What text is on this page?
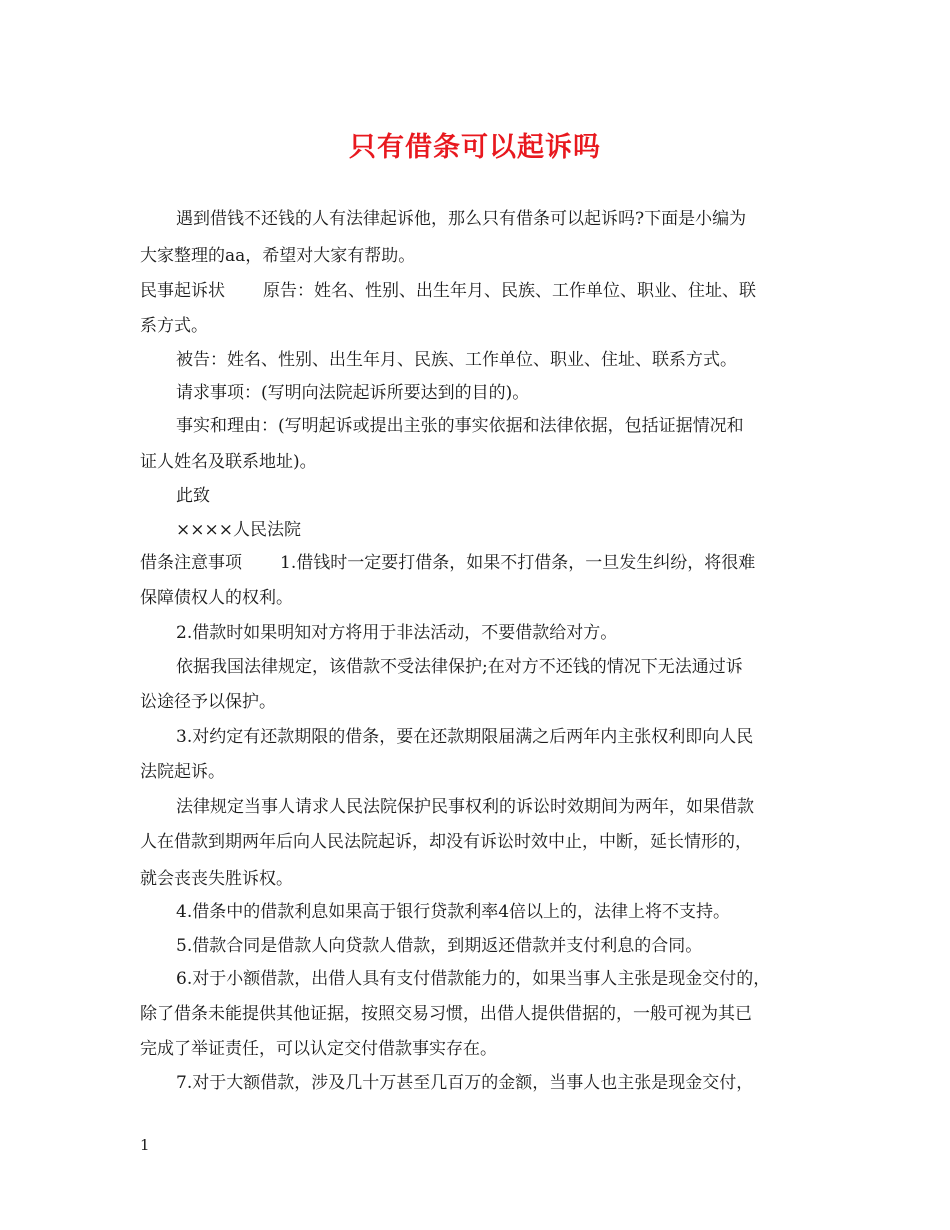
只有借条可以起诉吗
遇到借钱不还钱的人有法律起诉他，那么只有借条可以起诉吗?下面是小编为
大家整理的aa，希望对大家有帮助。
民事起诉状 原告：姓名、性别、出生年月、民族、工作单位、职业、住址、联
系方式。
被告：姓名、性别、出生年月、民族、工作单位、职业、住址、联系方式。
请求事项：(写明向法院起诉所要达到的目的)。
事实和理由：(写明起诉或提出主张的事实依据和法律依据，包括证据情况和
证人姓名及联系地址)。
此致
××××人民法院
借条注意事项 1.借钱时一定要打借条，如果不打借条，一旦发生纠纷，将很难
保障债权人的权利。
2.借款时如果明知对方将用于非法活动，不要借款给对方。
依据我国法律规定，该借款不受法律保护;在对方不还钱的情况下无法通过诉
讼途径予以保护。
3.对约定有还款期限的借条，要在还款期限届满之后两年内主张权利即向人民
法院起诉。
法律规定当事人请求人民法院保护民事权利的诉讼时效期间为两年，如果借款
人在借款到期两年后向人民法院起诉，却没有诉讼时效中止，中断，延长情形的，
就会丧丧失胜诉权。
4.借条中的借款利息如果高于银行贷款利率4倍以上的，法律上将不支持。
5.借款合同是借款人向贷款人借款，到期返还借款并支付利息的合同。
6.对于小额借款，出借人具有支付借款能力的，如果当事人主张是现金交付的，
除了借条未能提供其他证据，按照交易习惯，出借人提供借据的，一般可视为其已
完成了举证责任，可以认定交付借款事实存在。
7.对于大额借款，涉及几十万甚至几百万的金额，当事人也主张是现金交付，
1
